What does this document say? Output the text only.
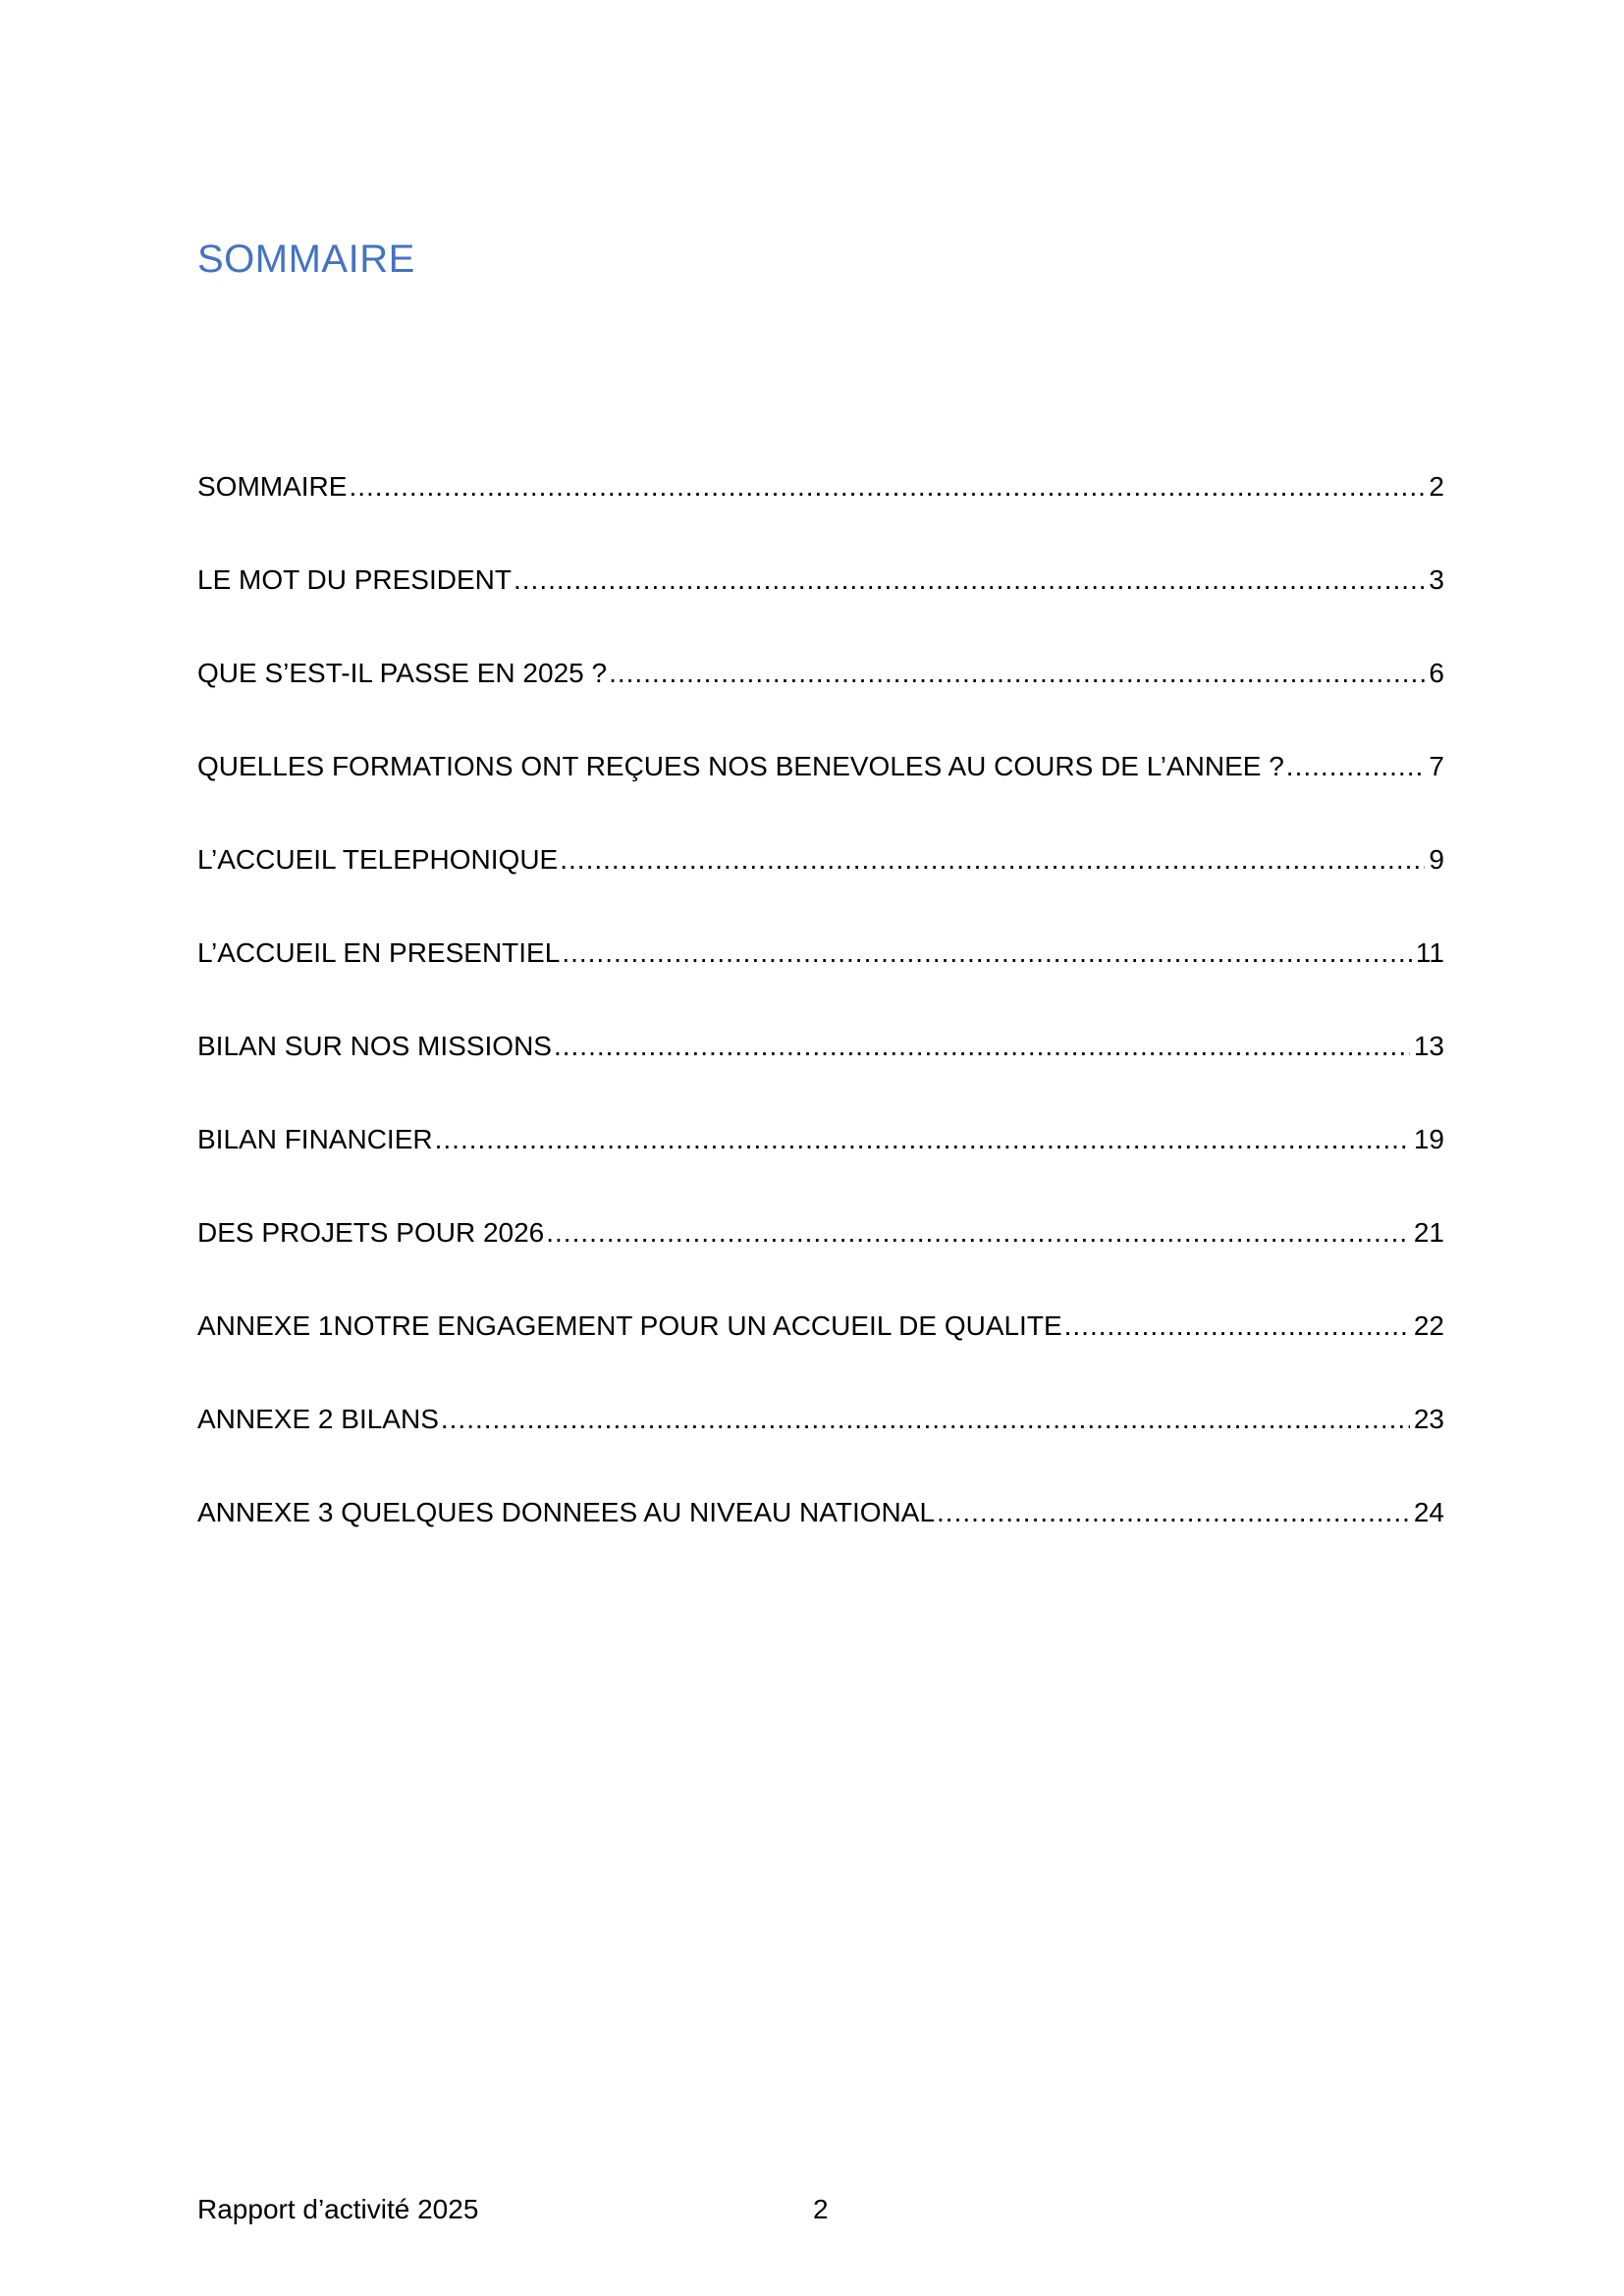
SOMMAIRE
SOMMAIRE .....	2
LE MOT DU PRESIDENT .....	3
QUE S’EST-IL PASSE EN 2025 ? .....	6
QUELLES FORMATIONS ONT REÇUES NOS BENEVOLES AU COURS DE L’ANNEE ? .....	7
L’ACCUEIL TELEPHONIQUE .....	9
L’ACCUEIL EN PRESENTIEL .....	11
BILAN SUR NOS MISSIONS .....	13
BILAN FINANCIER .....	19
DES PROJETS POUR 2026 .....	21
ANNEXE 1NOTRE ENGAGEMENT POUR UN ACCUEIL DE QUALITE .....	22
ANNEXE 2 BILANS .....	23
ANNEXE 3 QUELQUES DONNEES AU NIVEAU NATIONAL .....	24
Rapport d’activité 2025	2
